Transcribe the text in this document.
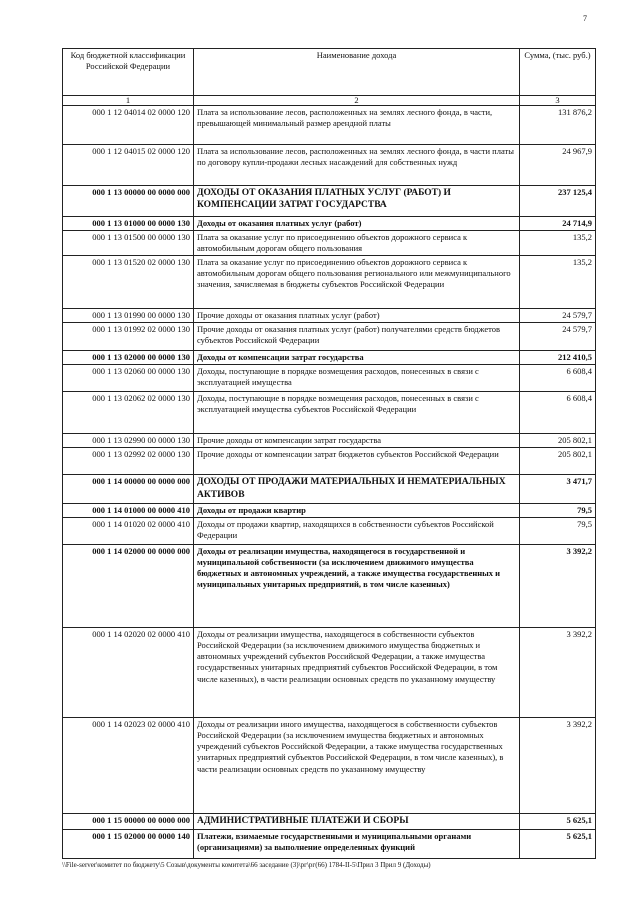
7
Код бюджетной классификации Российской Федерации	Наименование дохода	Сумма, (тыс. руб.)
1	2	3
000 1 12 04014 02 0000 120	Плата за использование лесов, расположенных на землях лесного фонда, в части, превышающей минимальный размер арендной платы	131 876,2
000 1 12 04015 02 0000 120	Плата за использование лесов, расположенных на землях лесного фонда, в части платы по договору купли-продажи лесных насаждений для собственных нужд	24 967,9
000 1 13 00000 00 0000 000	ДОХОДЫ ОТ ОКАЗАНИЯ ПЛАТНЫХ УСЛУГ (РАБОТ) И КОМПЕНСАЦИИ ЗАТРАТ ГОСУДАРСТВА	237 125,4
000 1 13 01000 00 0000 130	Доходы от оказания платных услуг (работ)	24 714,9
000 1 13 01500 00 0000 130	Плата за оказание услуг по присоединению объектов дорожного сервиса к автомобильным дорогам общего пользования	135,2
000 1 13 01520 02 0000 130	Плата за оказание услуг по присоединению объектов дорожного сервиса к автомобильным дорогам общего пользования регионального или межмуниципального значения, зачисляемая в бюджеты субъектов Российской Федерации	135,2
000 1 13 01990 00 0000 130	Прочие доходы от оказания платных услуг (работ)	24 579,7
000 1 13 01992 02 0000 130	Прочие доходы от оказания платных услуг (работ) получателями средств бюджетов субъектов Российской Федерации	24 579,7
000 1 13 02000 00 0000 130	Доходы от компенсации затрат государства	212 410,5
000 1 13 02060 00 0000 130	Доходы, поступающие в порядке возмещения расходов, понесенных в связи с эксплуатацией имущества	6 608,4
000 1 13 02062 02 0000 130	Доходы, поступающие в порядке возмещения расходов, понесенных в связи с эксплуатацией имущества субъектов Российской Федерации	6 608,4
000 1 13 02990 00 0000 130	Прочие доходы от компенсации затрат государства	205 802,1
000 1 13 02992 02 0000 130	Прочие доходы от компенсации затрат бюджетов субъектов Российской Федерации	205 802,1
000 1 14 00000 00 0000 000	ДОХОДЫ ОТ ПРОДАЖИ МАТЕРИАЛЬНЫХ И НЕМАТЕРИАЛЬНЫХ АКТИВОВ	3 471,7
000 1 14 01000 00 0000 410	Доходы от продажи квартир	79,5
000 1 14 01020 02 0000 410	Доходы от продажи квартир, находящихся в собственности субъектов Российской Федерации	79,5
000 1 14 02000 00 0000 000	Доходы от реализации имущества, находящегося в государственной и муниципальной собственности (за исключением движимого имущества бюджетных и автономных учреждений, а также имущества государственных и муниципальных унитарных предприятий, в том числе казенных)	3 392,2
000 1 14 02020 02 0000 410	Доходы от реализации имущества, находящегося в собственности субъектов Российской Федерации (за исключением движимого имущества бюджетных и автономных учреждений субъектов Российской Федерации, а также имущества государственных унитарных предприятий субъектов Российской Федерации, в том числе казенных), в части реализации основных средств по указанному имуществу	3 392,2
000 1 14 02023 02 0000 410	Доходы от реализации иного имущества, находящегося в собственности субъектов Российской Федерации (за исключением имущества бюджетных и автономных учреждений субъектов Российской Федерации, а также имущества государственных унитарных предприятий субъектов Российской Федерации, в том числе казенных), в части реализации основных средств по указанному имуществу	3 392,2
000 1 15 00000 00 0000 000	АДМИНИСТРАТИВНЫЕ ПЛАТЕЖИ И СБОРЫ	5 625,1
000 1 15 02000 00 0000 140	Платежи, взимаемые государственными и муниципальными органами (организациями) за выполнение определенных функций	5 625,1
\\File-server\комитет по бюджету\5 Созыв\документы комитета\66 заседание (3)\рг\рг(66) 1784-II-5\Прил 3 Прил 9 (Доходы)
